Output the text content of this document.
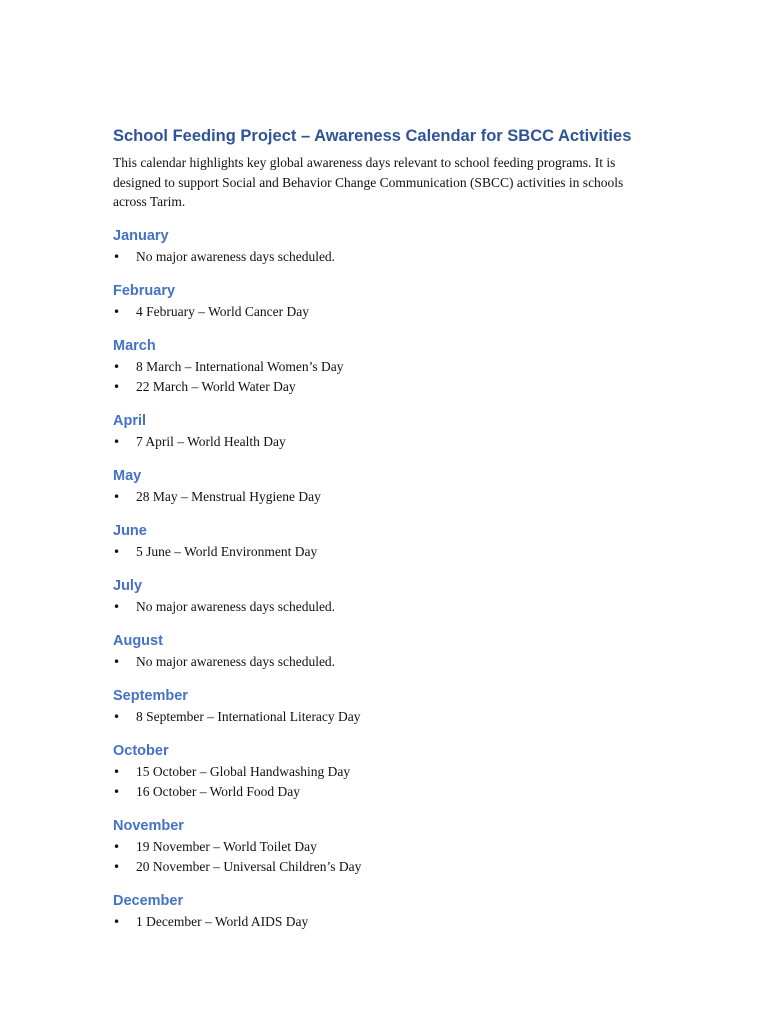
School Feeding Project – Awareness Calendar for SBCC Activities

This calendar highlights key global awareness days relevant to school feeding programs. It is designed to support Social and Behavior Change Communication (SBCC) activities in schools across Tarim.

January
• No major awareness days scheduled.
February
• 4 February – World Cancer Day
March
• 8 March – International Women’s Day
• 22 March – World Water Day
April
• 7 April – World Health Day
May
• 28 May – Menstrual Hygiene Day
June
• 5 June – World Environment Day
July
• No major awareness days scheduled.
August
• No major awareness days scheduled.
September
• 8 September – International Literacy Day
October
• 15 October – Global Handwashing Day
• 16 October – World Food Day
November
• 19 November – World Toilet Day
• 20 November – Universal Children’s Day
December
• 1 December – World AIDS Day
